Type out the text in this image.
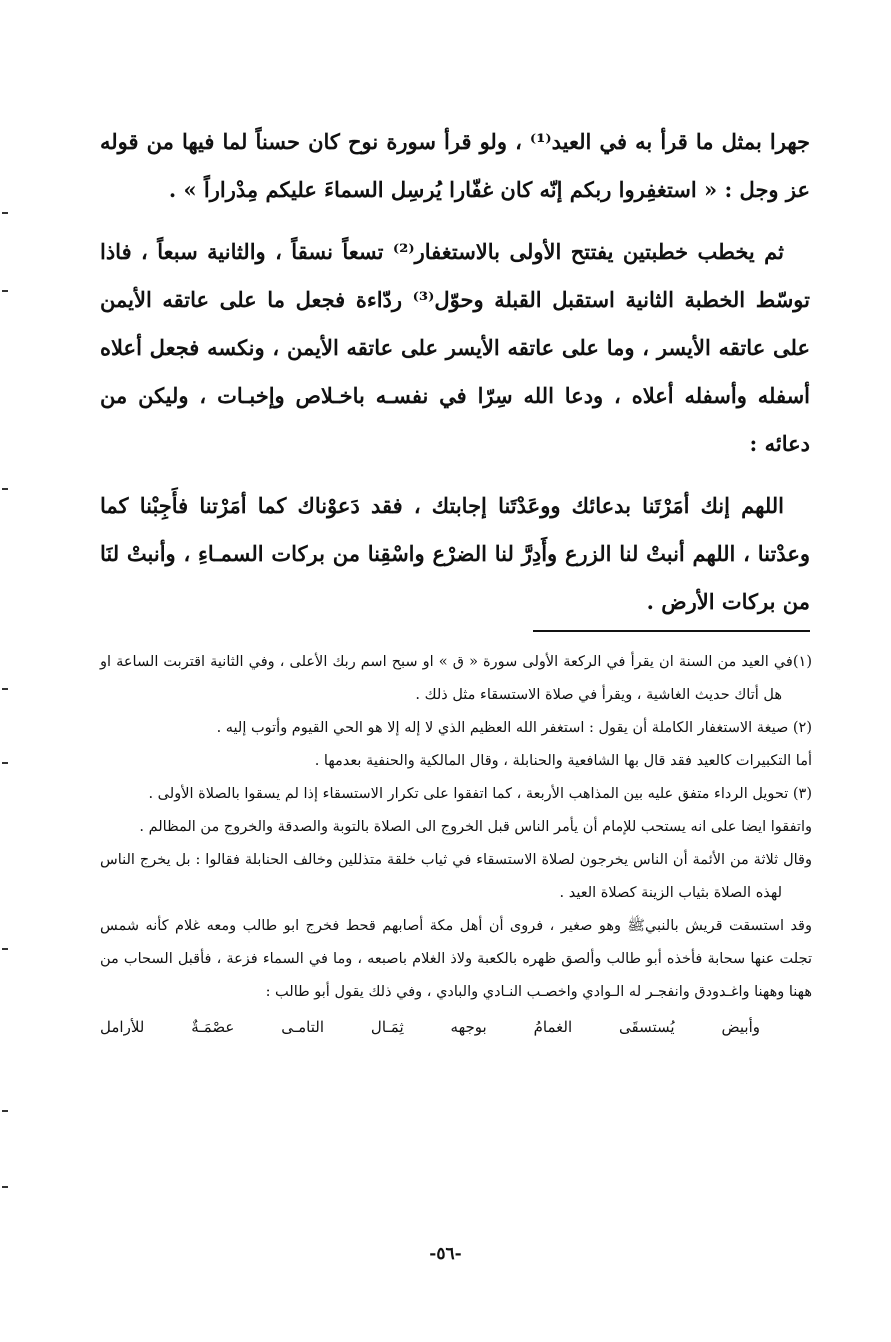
جهرا بمثل ما قرأ به في العيد⁽¹⁾ ، ولو قرأ سورة نوح كان حسناً لما فيها من قوله عز وجل : « استغفِروا ربكم إنّه كان غفّارا يُرسِل السماءَ عليكم مِدْراراً » .

ثم يخطب خطبتين يفتتح الأولى بالاستغفار⁽²⁾ تسعاً نسقاً ، والثانية سبعاً ، فاذا توسّط الخطبة الثانية استقبل القبلة وحوّل⁽³⁾ ردّاءة فجعل ما على عاتقه الأيمن على عاتقه الأيسر ، وما على عاتقه الأيسر على عاتقه الأيمن ، ونكسه فجعل أعلاه أسفله وأسفله أعلاه ، ودعا الله سِرّا في نفسـه باخـلاص وإخبـات ، وليكن من دعائه :

اللهم إنك أمَرْتَنا بدعائك ووعَدْتَنا إجابتك ، فقد دَعوْناك كما أمَرْتنا فأَجِبْنا كما وعدْتنا ، اللهم أنبتْ لنا الزرع وأَدِرَّ لنا الضرْع واسْقِنا من بركات السمـاءِ ، وأنبتْ لنَا من بركات الأرض .

(١)في العيد من السنة ان يقرأ في الركعة الأولى سورة « ق » او سبح اسم ربك الأعلى ، وفي الثانية اقتربت الساعة او هل أتاك حديث الغاشية ، ويقرأ في صلاة الاستسقاء مثل ذلك .

(٢) صيغة الاستغفار الكاملة أن يقول : استغفر الله العظيم الذي لا إله إلا هو الحي القيوم وأتوب إليه .

أما التكبيرات كالعيد فقد قال بها الشافعية والحنابلة ، وقال المالكية والحنفية بعدمها .

(٣) تحويل الرداء متفق عليه بين المذاهب الأربعة ، كما اتفقوا على تكرار الاستسقاء إذا لم يسقوا بالصلاة الأولى .

واتفقوا ايضا على انه يستحب للإمام أن يأمر الناس قبل الخروج الى الصلاة بالتوبة والصدقة والخروج من المظالم .

وقال ثلاثة من الأئمة أن الناس يخرجون لصلاة الاستسقاء في ثياب خلقة متذللين وخالف الحنابلة فقالوا : بل يخرج الناس لهذه الصلاة بثياب الزينة كصلاة العيد .

وقد استسقت قريش بالنبيﷺ وهو صغير ، فروى أن أهل مكة أصابهم قحط فخرج ابو طالب ومعه غلام كأنه شمس تجلت عنها سحابة فأخذه أبو طالب وألصق ظهره بالكعبة ولاذ الغلام باصبعه ، وما في السماء فزعة ، فأقبل السحاب من ههنا وههنا واغـدودق وانفجـر له الـوادي واخصـب النـادي والبادي ، وفي ذلك يقول أبو طالب :

وأبيض
يُستسقَى
الغمامُ
بوجهه
ثِمَـال
التامـى
عصْمَـةٌ
للأرامل
-٥٦-
